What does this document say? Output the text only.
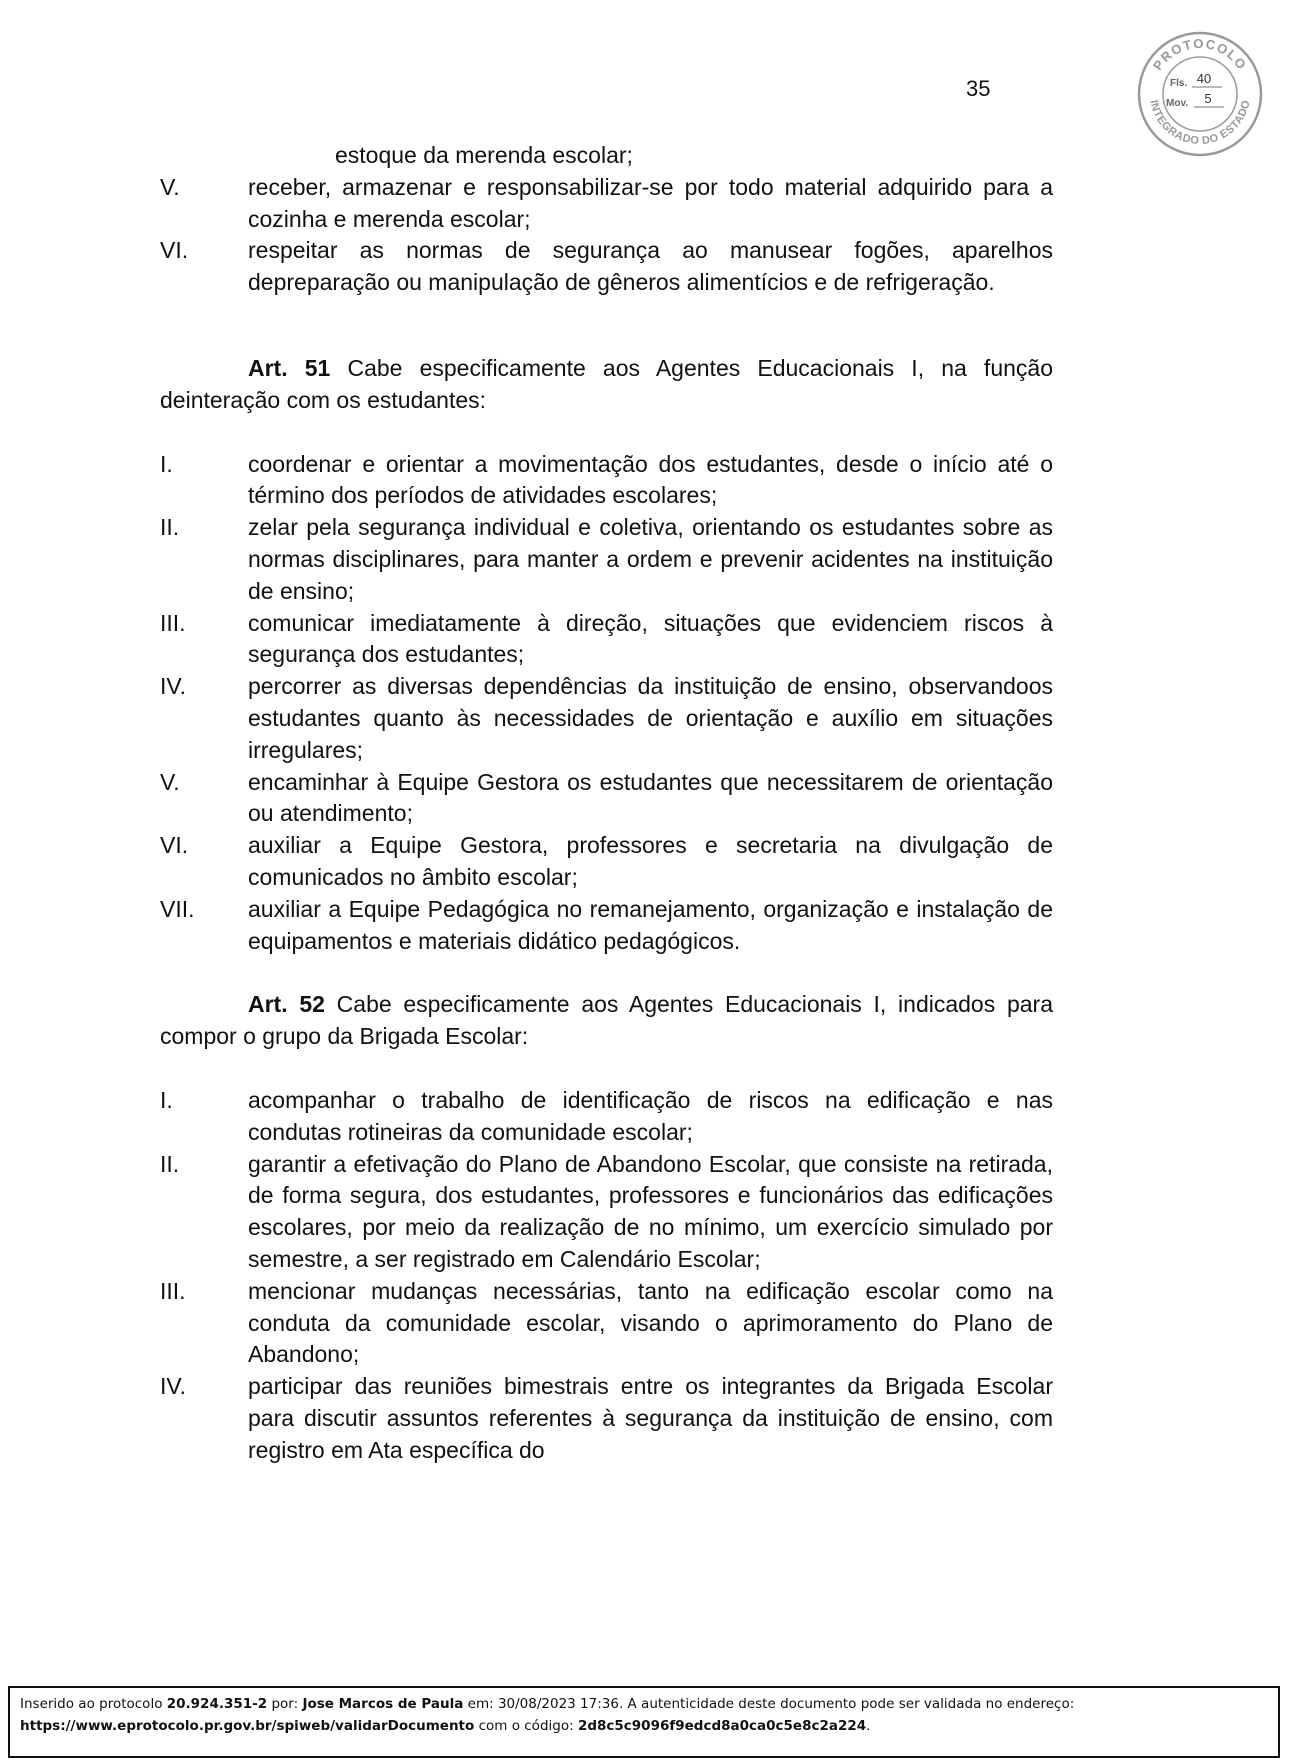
35
PROTOCOLO
INTEGRADO DO ESTADO
Fls. 40
Mov. 5
estoque da merenda escolar;
V.	receber, armazenar e responsabilizar-se por todo material adquirido para a cozinha e merenda escolar;
VI.	respeitar as normas de segurança ao manusear fogões, aparelhos depreparação ou manipulação de gêneros alimentícios e de refrigeração.
Art. 51 Cabe especificamente aos Agentes Educacionais I, na função deinteração com os estudantes:
I.	coordenar e orientar a movimentação dos estudantes, desde o início até o término dos períodos de atividades escolares;
II.	zelar pela segurança individual e coletiva, orientando os estudantes sobre as normas disciplinares, para manter a ordem e prevenir acidentes na instituição de ensino;
III.	comunicar imediatamente à direção, situações que evidenciem riscos à segurança dos estudantes;
IV.	percorrer as diversas dependências da instituição de ensino, observandoos estudantes quanto às necessidades de orientação e auxílio em situações irregulares;
V.	encaminhar à Equipe Gestora os estudantes que necessitarem de orientação ou atendimento;
VI.	auxiliar a Equipe Gestora, professores e secretaria na divulgação de comunicados no âmbito escolar;
VII.	auxiliar a Equipe Pedagógica no remanejamento, organização e instalação de equipamentos e materiais didático pedagógicos.
Art. 52 Cabe especificamente aos Agentes Educacionais I, indicados para compor o grupo da Brigada Escolar:
I.	acompanhar o trabalho de identificação de riscos na edificação e nas condutas rotineiras da comunidade escolar;
II.	garantir a efetivação do Plano de Abandono Escolar, que consiste na retirada, de forma segura, dos estudantes, professores e funcionários das edificações escolares, por meio da realização de no mínimo, um exercício simulado por semestre, a ser registrado em Calendário Escolar;
III.	mencionar mudanças necessárias, tanto na edificação escolar como na conduta da comunidade escolar, visando o aprimoramento do Plano de Abandono;
IV.	participar das reuniões bimestrais entre os integrantes da Brigada Escolar para discutir assuntos referentes à segurança da instituição de ensino, com registro em Ata específica do
Inserido ao protocolo 20.924.351-2 por: Jose Marcos de Paula em: 30/08/2023 17:36. A autenticidade deste documento pode ser validada no endereço:
https://www.eprotocolo.pr.gov.br/spiweb/validarDocumento com o código: 2d8c5c9096f9edcd8a0ca0c5e8c2a224.
